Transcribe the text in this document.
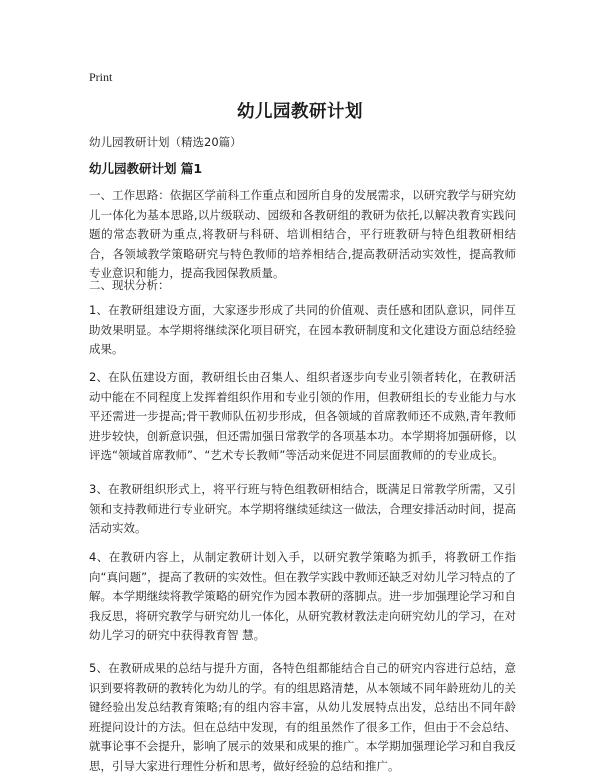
Print
幼儿园教研计划
幼儿园教研计划（精选20篇）
幼儿园教研计划 篇1

一、工作思路：依据区学前科工作重点和园所自身的发展需求，以研究教学与研究幼儿一体化为基本思路,以片级联动、园级和各教研组的教研为依托,以解决教育实践问题的常态教研为重点,将教研与科研、培训相结合，平行班教研与特色组教研相结合，各领域教学策略研究与特色教师的培养相结合,提高教研活动实效性，提高教师专业意识和能力，提高我园保教质量。

二、现状分析：

1、在教研组建设方面，大家逐步形成了共同的价值观、责任感和团队意识，同伴互助效果明显。本学期将继续深化项目研究，在园本教研制度和文化建设方面总结经验成果。

2、在队伍建设方面，教研组长由召集人、组织者逐步向专业引领者转化，在教研活动中能在不同程度上发挥着组织作用和专业引领的作用，但教研组长的专业能力与水平还需进一步提高;骨干教师队伍初步形成，但各领域的首席教师还不成熟,青年教师进步较快，创新意识强，但还需加强日常教学的各项基本功。本学期将加强研修，以评选“领域首席教师”、“艺术专长教师”等活动来促进不同层面教师的的专业成长。

3、在教研组织形式上，将平行班与特色组教研相结合，既满足日常教学所需，又引领和支持教师进行专业研究。本学期将继续延续这一做法，合理安排活动时间，提高活动实效。

4、在教研内容上，从制定教研计划入手，以研究教学策略为抓手，将教研工作指向“真问题”，提高了教研的实效性。但在教学实践中教师还缺乏对幼儿学习特点的了解。本学期继续将教学策略的研究作为园本教研的落脚点。进一步加强理论学习和自我反思，将研究教学与研究幼儿一体化，从研究教材教法走向研究幼儿的学习，在对幼儿学习的研究中获得教育智 慧。

5、在教研成果的总结与提升方面，各特色组都能结合自己的研究内容进行总结，意识到要将教研的教转化为幼儿的学。有的组思路清楚，从本领域不同年龄班幼儿的关键经验出发总结教育策略;有的组内容丰富，从幼儿发展特点出发，总结出不同年龄班提问设计的方法。但在总结中发现，有的组虽然作了很多工作，但由于不会总结、就事论事不会提升，影响了展示的效果和成果的推广。本学期加强理论学习和自我反思，引导大家进行理性分析和思考，做好经验的总结和推广。
